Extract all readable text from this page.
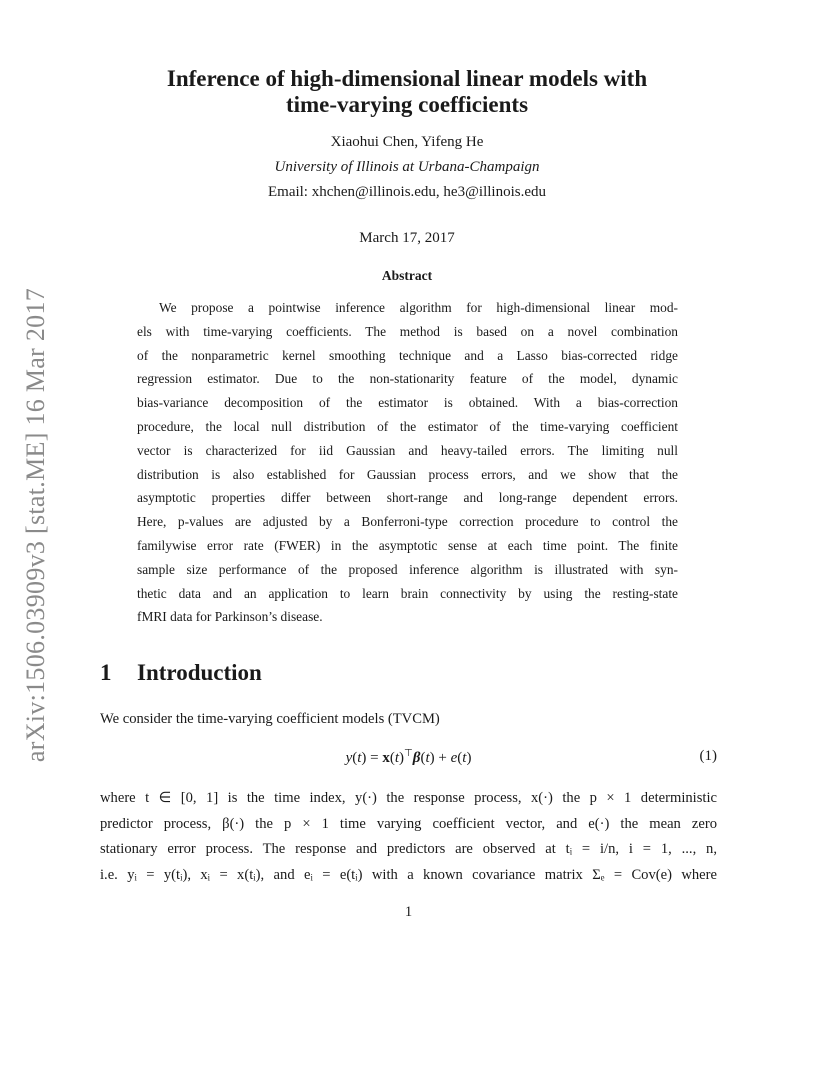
arXiv:1506.03909v3 [stat.ME] 16 Mar 2017
Inference of high-dimensional linear models with
time-varying coefficients
Xiaohui Chen, Yifeng He
University of Illinois at Urbana-Champaign
Email: xhchen@illinois.edu, he3@illinois.edu
March 17, 2017
Abstract
We propose a pointwise inference algorithm for high-dimensional linear mod-
els with time-varying coefficients. The method is based on a novel combination
of the nonparametric kernel smoothing technique and a Lasso bias-corrected ridge
regression estimator. Due to the non-stationarity feature of the model, dynamic
bias-variance decomposition of the estimator is obtained. With a bias-correction
procedure, the local null distribution of the estimator of the time-varying coefficient
vector is characterized for iid Gaussian and heavy-tailed errors. The limiting null
distribution is also established for Gaussian process errors, and we show that the
asymptotic properties differ between short-range and long-range dependent errors.
Here, p-values are adjusted by a Bonferroni-type correction procedure to control the
familywise error rate (FWER) in the asymptotic sense at each time point. The finite
sample size performance of the proposed inference algorithm is illustrated with syn-
thetic data and an application to learn brain connectivity by using the resting-state
fMRI data for Parkinson’s disease.
1 Introduction
We consider the time-varying coefficient models (TVCM)
y(t) = x(t)⊤β(t) + e(t)	(1)
where t ∈ [0, 1] is the time index, y(·) the response process, x(·) the p × 1 deterministic
predictor process, β(·) the p × 1 time varying coefficient vector, and e(·) the mean zero
stationary error process. The response and predictors are observed at tᵢ = i/n, i = 1, ..., n,
i.e. yᵢ = y(tᵢ), xᵢ = x(tᵢ), and eᵢ = e(tᵢ) with a known covariance matrix Σₑ = Cov(e) where
1
